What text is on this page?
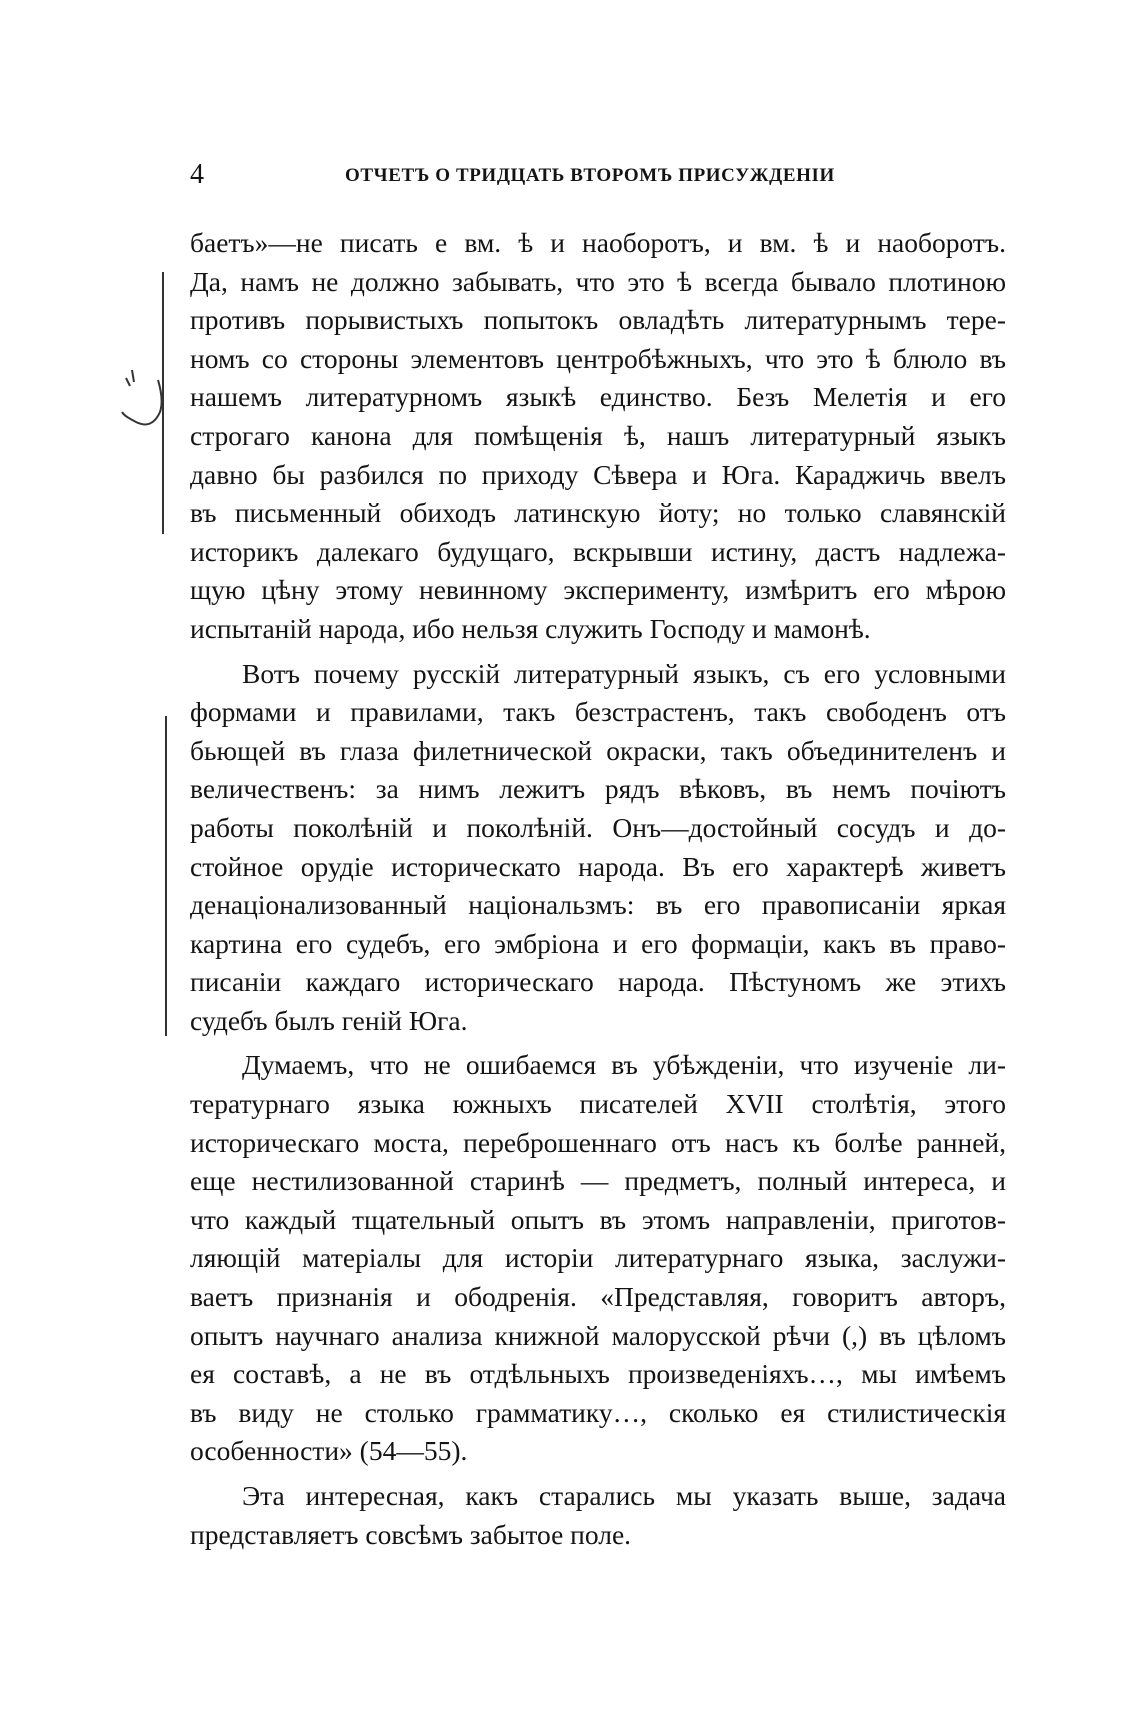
4	ОТЧЕТЪ О ТРИДЦАТЬ ВТОРОМЪ ПРИСУЖДЕНІИ
баетъ»—не писать е вм. ѣ и наоборотъ, и вм. ѣ и наоборотъ.
Да, намъ не должно забывать, что это ѣ всегда бывало плотиною
противъ порывистыхъ попытокъ овладѣть литературнымъ тере-
номъ со стороны элементовъ центробѣжныхъ, что это ѣ блюло въ
нашемъ литературномъ языкѣ единство. Безъ Мелетія и его
строгаго канона для помѣщенія ѣ, нашъ литературный языкъ
давно бы разбился по приходу Сѣвера и Юга. Караджичь ввелъ
въ письменный обиходъ латинскую йоту; но только славянскій
историкъ далекаго будущаго, вскрывши истину, дастъ надлежа-
щую цѣну этому невинному эксперименту, измѣритъ его мѣрою
испытаній народа, ибо нельзя служить Господу и мамонѣ.
Вотъ почему русскій литературный языкъ, съ его условными
формами и правилами, такъ безстрастенъ, такъ свободенъ отъ
бьющей въ глаза филетнической окраски, такъ объединителенъ и
величественъ: за нимъ лежитъ рядъ вѣковъ, въ немъ почіютъ
работы поколѣній и поколѣній. Онъ—достойный сосудъ и до-
стойное орудіе историческато народа. Въ его характерѣ живетъ
денаціонализованный національзмъ: въ его правописаніи яркая
картина его судебъ, его эмбріона и его формаціи, какъ въ право-
писаніи каждаго историческаго народа. Пѣстуномъ же этихъ
судебъ былъ геній Юга.
Думаемъ, что не ошибаемся въ убѣжденіи, что изученіе ли-
тературнаго языка южныхъ писателей XVII столѣтія, этого
историческаго моста, переброшеннаго отъ насъ къ болѣе ранней,
еще нестилизованной старинѣ — предметъ, полный интереса, и
что каждый тщательный опытъ въ этомъ направленіи, приготов-
ляющій матеріалы для исторіи литературнаго языка, заслужи-
ваетъ признанія и ободренія. «Представляя, говоритъ авторъ,
опытъ научнаго анализа книжной малорусской рѣчи (,) въ цѣломъ
ея составѣ, а не въ отдѣльныхъ произведеніяхъ…, мы имѣемъ
въ виду не столько грамматику…, сколько ея стилистическія
особенности» (54—55).
Эта интересная, какъ старались мы указать выше, задача
представляетъ совсѣмъ забытое поле.
